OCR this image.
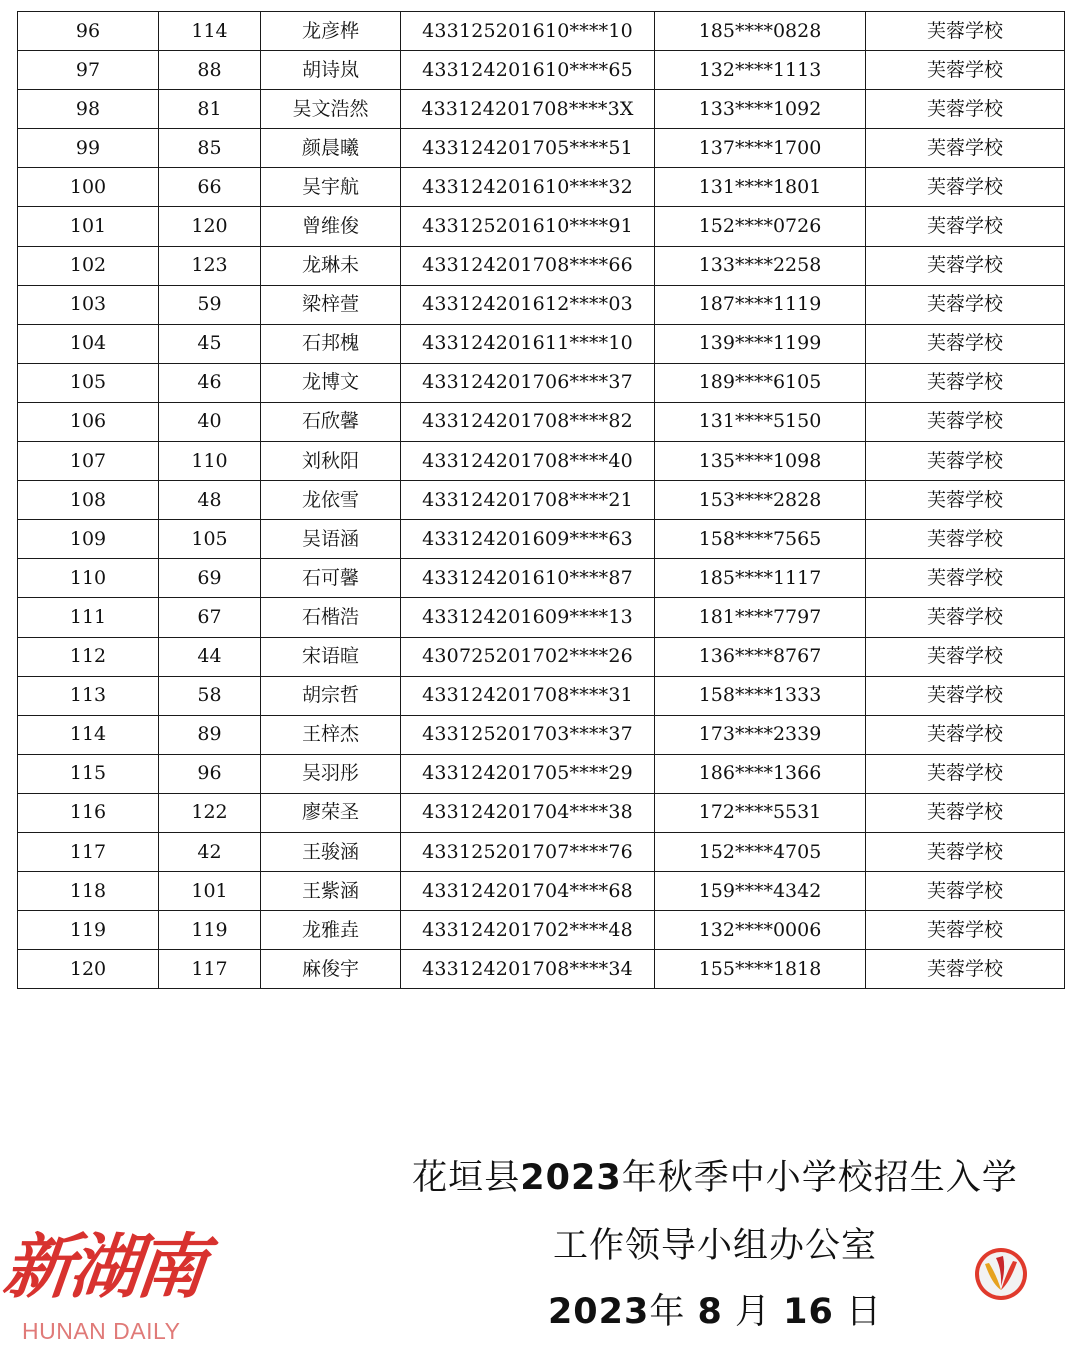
96	114	龙彦桦	433125201610****10	185****0828	芙蓉学校
97	88	胡诗岚	433124201610****65	132****1113	芙蓉学校
98	81	吴文浩然	433124201708****3X	133****1092	芙蓉学校
99	85	颜晨曦	433124201705****51	137****1700	芙蓉学校
100	66	吴宇航	433124201610****32	131****1801	芙蓉学校
101	120	曾维俊	433125201610****91	152****0726	芙蓉学校
102	123	龙琳未	433124201708****66	133****2258	芙蓉学校
103	59	梁梓萱	433124201612****03	187****1119	芙蓉学校
104	45	石邦槐	433124201611****10	139****1199	芙蓉学校
105	46	龙博文	433124201706****37	189****6105	芙蓉学校
106	40	石欣馨	433124201708****82	131****5150	芙蓉学校
107	110	刘秋阳	433124201708****40	135****1098	芙蓉学校
108	48	龙依雪	433124201708****21	153****2828	芙蓉学校
109	105	吴语涵	433124201609****63	158****7565	芙蓉学校
110	69	石可馨	433124201610****87	185****1117	芙蓉学校
111	67	石楷浩	433124201609****13	181****7797	芙蓉学校
112	44	宋语暄	430725201702****26	136****8767	芙蓉学校
113	58	胡宗哲	433124201708****31	158****1333	芙蓉学校
114	89	王梓杰	433125201703****37	173****2339	芙蓉学校
115	96	吴羽彤	433124201705****29	186****1366	芙蓉学校
116	122	廖荣圣	433124201704****38	172****5531	芙蓉学校
117	42	王骏涵	433125201707****76	152****4705	芙蓉学校
118	101	王紫涵	433124201704****68	159****4342	芙蓉学校
119	119	龙雅垚	433124201702****48	132****0006	芙蓉学校
120	117	麻俊宇	433124201708****34	155****1818	芙蓉学校
花垣县2023年秋季中小学校招生入学
工作领导小组办公室
2023年 8 月 16 日
新湖南
HUNAN DAILY
